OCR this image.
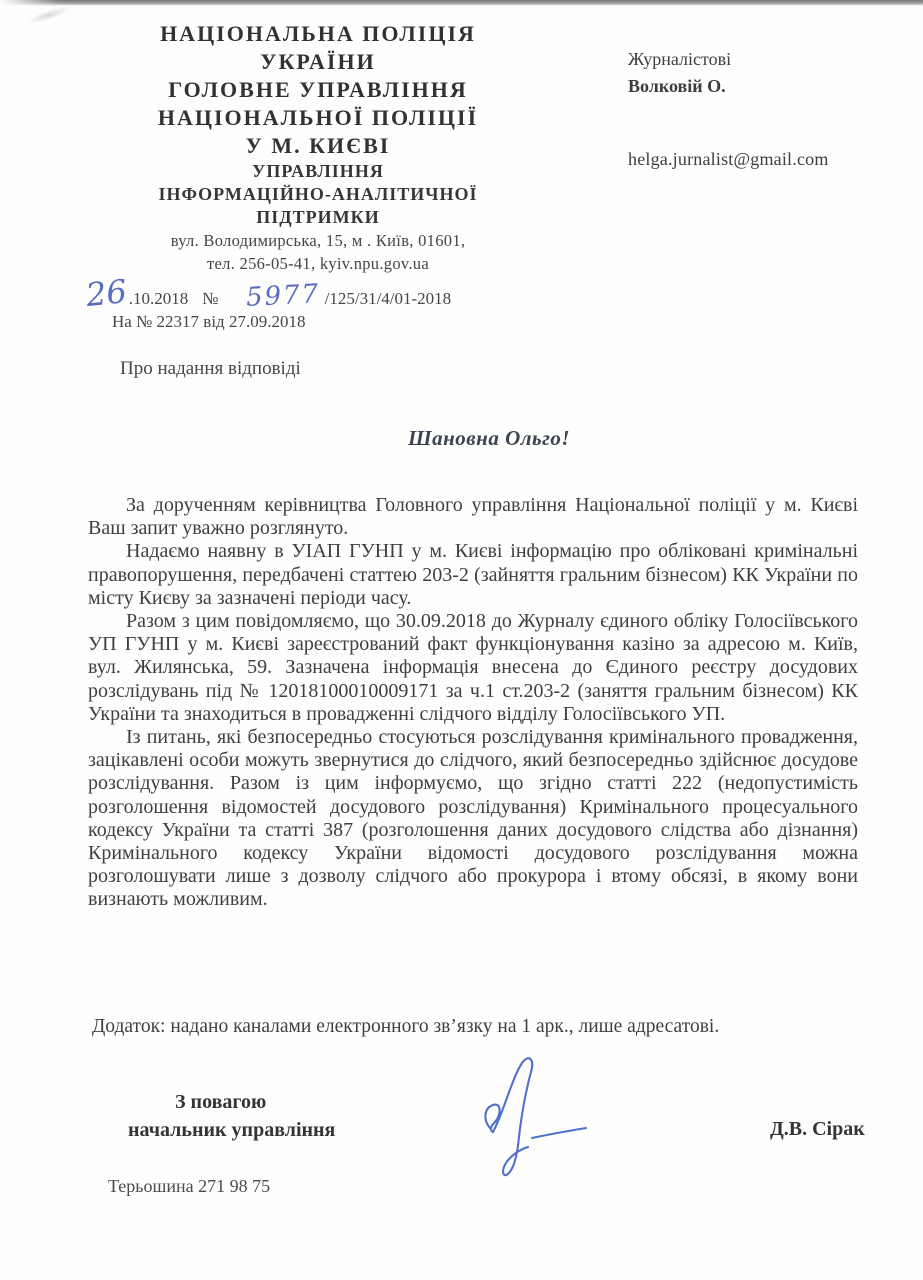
НАЦІОНАЛЬНА ПОЛІЦІЯ
УКРАЇНИ
ГОЛОВНЕ УПРАВЛІННЯ
НАЦІОНАЛЬНОЇ ПОЛІЦІЇ
У М. КИЄВІ
УПРАВЛІННЯ
ІНФОРМАЦІЙНО-АНАЛІТИЧНОЇ
ПІДТРИМКИ
вул. Володимирська, 15, м . Київ, 01601,
тел. 256-05-41, kyiv.npu.gov.ua
26 .10.2018 № 5977 /125/31/4/01-2018
На № 22317 від 27.09.2018
Журналістові
Волковій О.
helga.jurnalist@gmail.com
Про надання відповіді
Шановна Ольго!

За дорученням керівництва Головного управління Національної поліції у м. Києві Ваш запит уважно розглянуто.

Надаємо наявну в УІАП ГУНП у м. Києві інформацію про обліковані кримінальні правопорушення, передбачені статтею 203-2 (зайняття гральним бізнесом) КК України по місту Києву за зазначені періоди часу.

Разом з цим повідомляємо, що 30.09.2018 до Журналу єдиного обліку Голосіївського УП ГУНП у м. Києві зареєстрований факт функціонування казіно за адресою м. Київ, вул. Жилянська, 59. Зазначена інформація внесена до Єдиного реєстру досудових розслідувань під № 12018100010009171 за ч.1 ст.203-2 (заняття гральним бізнесом) КК України та знаходиться в провадженні слідчого відділу Голосіївського УП.

Із питань, які безпосередньо стосуються розслідування кримінального провадження, зацікавлені особи можуть звернутися до слідчого, який безпосередньо здійснює досудове розслідування. Разом із цим інформуємо, що згідно статті 222 (недопустимість розголошення відомостей досудового розслідування) Кримінального процесуального кодексу України та статті 387 (розголошення даних досудового слідства або дізнання) Кримінального кодексу України відомості досудового розслідування можна розголошувати лише з дозволу слідчого або прокурора і втому обсязі, в якому вони визнають можливим.

Додаток: надано каналами електронного зв’язку на 1 арк., лише адресатові.
З повагою
начальник управління	Д.В. Сірак
Терьошина 271 98 75
